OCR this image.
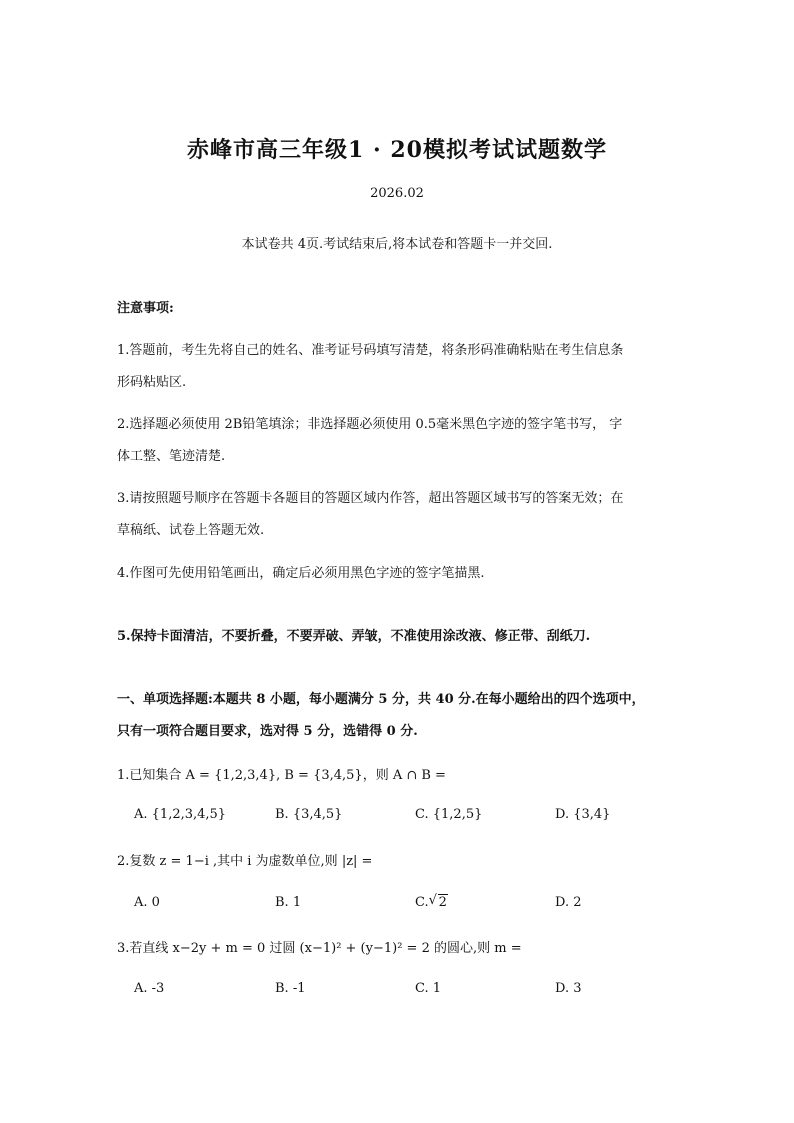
赤峰市高三年级1 · 20模拟考试试题数学
2026.02
本试卷共 4页.考试结束后,将本试卷和答题卡一并交回.
注意事项:
1.答题前，考生先将自己的姓名、准考证号码填写清楚，将条形码准确粘贴在考生信息条
形码粘贴区.
2.选择题必须使用 2B铅笔填涂；非选择题必须使用 0.5毫米黑色字迹的签字笔书写， 字
体工整、笔迹清楚.
3.请按照题号顺序在答题卡各题目的答题区域内作答，超出答题区域书写的答案无效；在
草稿纸、试卷上答题无效.
4.作图可先使用铅笔画出，确定后必须用黑色字迹的签字笔描黑.
5.保持卡面清洁，不要折叠，不要弄破、弄皱，不准使用涂改液、修正带、刮纸刀.
一、单项选择题:本题共 8 小题，每小题满分 5 分，共 40 分.在每小题给出的四个选项中，
只有一项符合题目要求，选对得 5 分，选错得 0 分.
1.已知集合 A = {1,2,3,4}, B = {3,4,5}，则 A ∩ B =
A. {1,2,3,4,5}	B. {3,4,5}	C. {1,2,5}	D. {3,4}
2.复数 z = 1−i ,其中 i 为虚数单位,则 |z| =
A. 0	B. 1	C.√ 2	D. 2
3.若直线 x−2y + m = 0 过圆 (x−1)² + (y−1)² = 2 的圆心,则 m =
A. -3	B. -1	C. 1	D. 3
